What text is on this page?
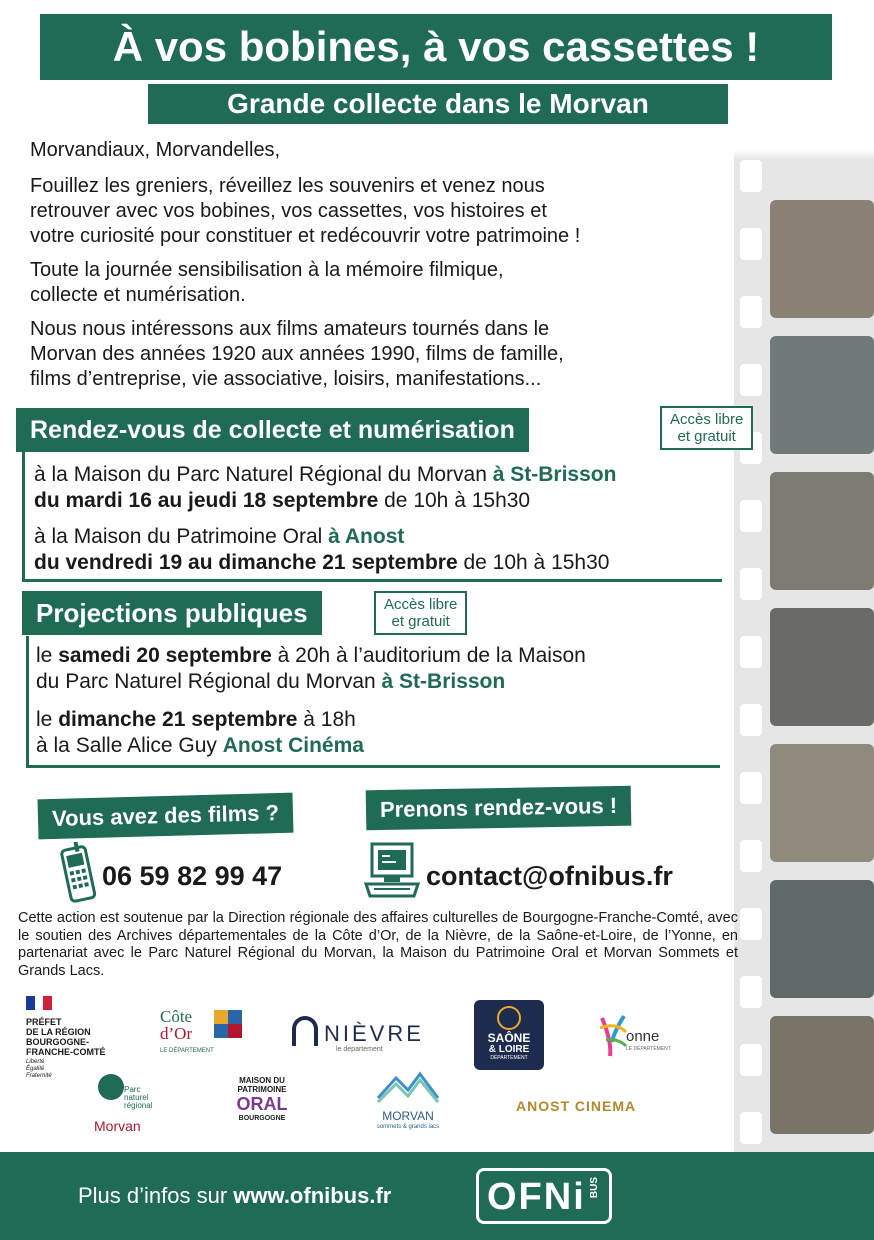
À vos bobines, à vos cassettes !
Grande collecte dans le Morvan
Morvandiaux, Morvandelles,
Fouillez les greniers, réveillez les souvenirs et venez nous
retrouver avec vos bobines, vos cassettes, vos histoires et
votre curiosité pour constituer et redécouvrir votre patrimoine !
Toute la journée sensibilisation à la mémoire filmique,
collecte et numérisation.
Nous nous intéressons aux films amateurs tournés dans le
Morvan des années 1920 aux années 1990, films de famille,
films d’entreprise, vie associative, loisirs, manifestations...
Rendez-vous de collecte et numérisation	Accès libre
et gratuit
à la Maison du Parc Naturel Régional du Morvan à St-Brisson
du mardi 16 au jeudi 18 septembre de 10h à 15h30
à la Maison du Patrimoine Oral à Anost
du vendredi 19 au dimanche 21 septembre de 10h à 15h30
Projections publiques	Accès libre
et gratuit
le samedi 20 septembre à 20h à l’auditorium de la Maison
du Parc Naturel Régional du Morvan à St-Brisson
le dimanche 21 septembre à 18h
à la Salle Alice Guy Anost Cinéma
Vous avez des films ?	Prenons rendez-vous !
06 59 82 99 47	contact@ofnibus.fr
Cette action est soutenue par la Direction régionale des affaires culturelles de Bourgogne-Franche-Comté, avec le soutien des Archives départementales de la Côte d’Or, de la Nièvre, de la Saône-et-Loire, de l’Yonne, en partenariat avec le Parc Naturel Régional du Morvan, la Maison du Patrimoine Oral et Morvan Sommets et Grands Lacs.
PRÉFET
DE LA RÉGION
BOURGOGNE-
FRANCHE-COMTÉ
Liberté
Égalité
Fraternité
Côte
d’Or
LE DÉPARTEMENT
NIÈVRE
le département
SAÔNE
& LOIRE
DÉPARTEMENT
onne
LE DÉPARTEMENT
Parc
naturel
régional
Morvan
MAISON DU
PATRIMOINE
ORAL
BOURGOGNE	MORVAN
sommets & grands lacs
ANOST CINEMA
Plus d’infos sur www.ofnibus.fr	OFNi BUS
